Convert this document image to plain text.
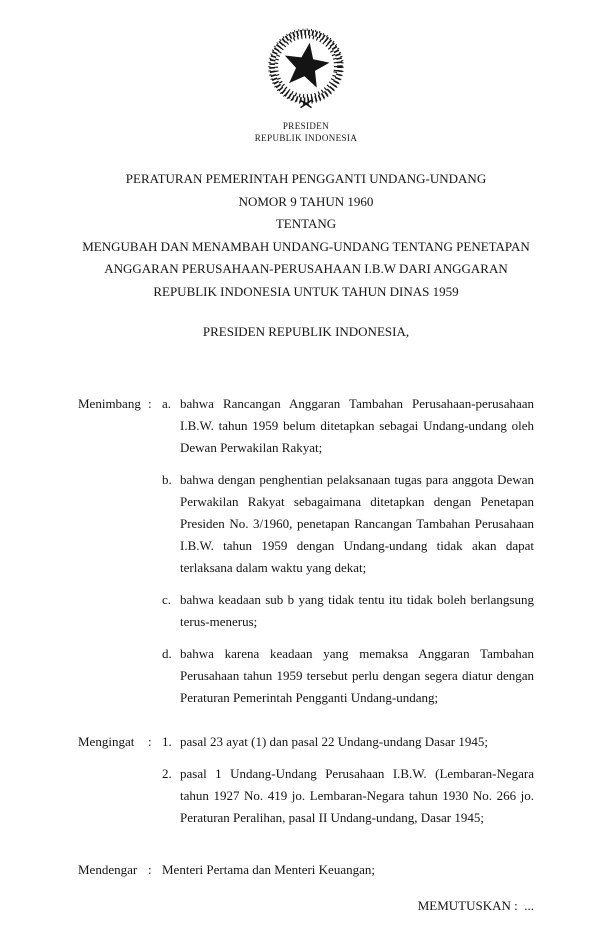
PRESIDEN
REPUBLIK INDONESIA
PERATURAN PEMERINTAH PENGGANTI UNDANG-UNDANG
NOMOR 9 TAHUN 1960
TENTANG
MENGUBAH DAN MENAMBAH UNDANG-UNDANG TENTANG PENETAPAN
ANGGARAN PERUSAHAAN-PERUSAHAAN I.B.W DARI ANGGARAN
REPUBLIK INDONESIA UNTUK TAHUN DINAS 1959
PRESIDEN REPUBLIK INDONESIA,
Menimbang : a. bahwa Rancangan Anggaran Tambahan Perusahaan-perusahaan I.B.W. tahun 1959 belum ditetapkan sebagai Undang-undang oleh Dewan Perwakilan Rakyat;
b. bahwa dengan penghentian pelaksanaan tugas para anggota Dewan Perwakilan Rakyat sebagaimana ditetapkan dengan Penetapan Presiden No. 3/1960, penetapan Rancangan Tambahan Perusahaan I.B.W. tahun 1959 dengan Undang-undang tidak akan dapat terlaksana dalam waktu yang dekat;
c. bahwa keadaan sub b yang tidak tentu itu tidak boleh berlangsung terus-menerus;
d. bahwa karena keadaan yang memaksa Anggaran Tambahan Perusahaan tahun 1959 tersebut perlu dengan segera diatur dengan Peraturan Pemerintah Pengganti Undang-undang;
Mengingat	: 1. pasal 23 ayat (1) dan pasal 22 Undang-undang Dasar 1945;
2. pasal 1 Undang-Undang Perusahaan I.B.W. (Lembaran-Negara tahun 1927 No. 419 jo. Lembaran-Negara tahun 1930 No. 266 jo. Peraturan Peralihan, pasal II Undang-undang, Dasar 1945;
Mendengar : Menteri Pertama dan Menteri Keuangan;
MEMUTUSKAN :  ...
